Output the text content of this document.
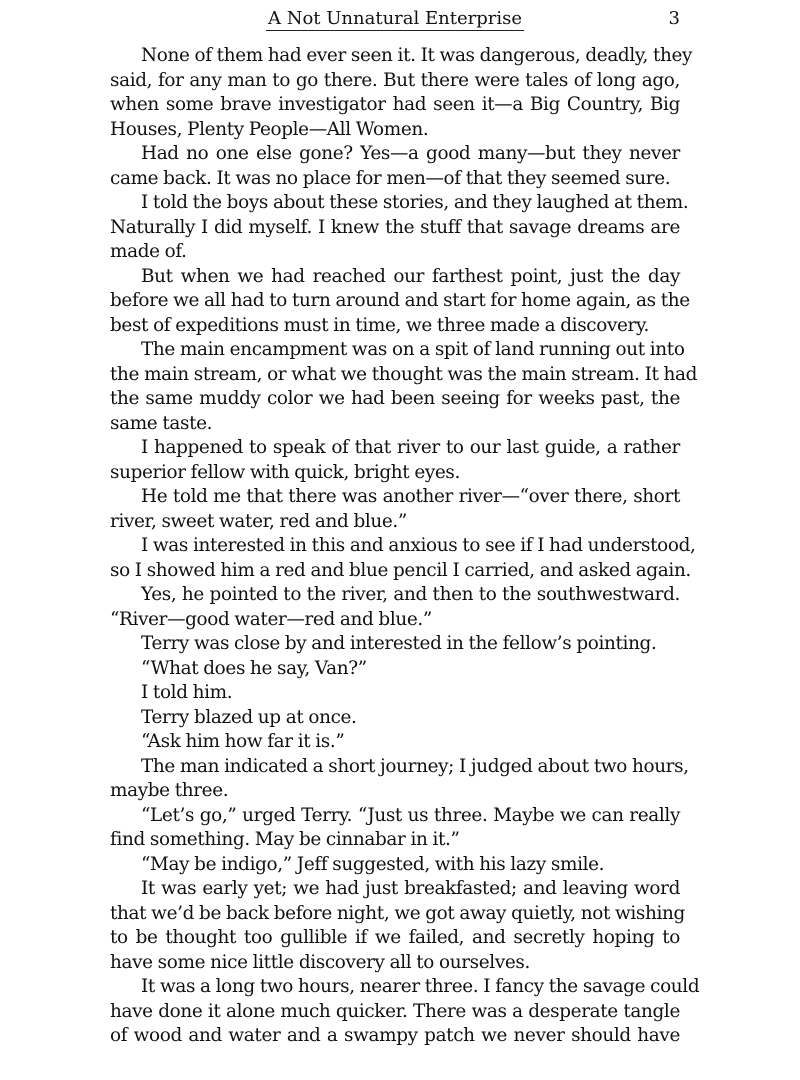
A Not Unnatural Enterprise	3
None of them had ever seen it. It was dangerous, deadly, they
said, for any man to go there. But there were tales of long ago,
when some brave investigator had seen it—a Big Country, Big
Houses, Plenty People—All Women.
Had no one else gone? Yes—a good many—but they never
came back. It was no place for men—of that they seemed sure.
I told the boys about these stories, and they laughed at them.
Naturally I did myself. I knew the stuff that savage dreams are
made of.
But when we had reached our farthest point, just the day
before we all had to turn around and start for home again, as the
best of expeditions must in time, we three made a discovery.
The main encampment was on a spit of land running out into
the main stream, or what we thought was the main stream. It had
the same muddy color we had been seeing for weeks past, the
same taste.
I happened to speak of that river to our last guide, a rather
superior fellow with quick, bright eyes.
He told me that there was another river—“over there, short
river, sweet water, red and blue.”
I was interested in this and anxious to see if I had understood,
so I showed him a red and blue pencil I carried, and asked again.
Yes, he pointed to the river, and then to the southwestward.
“River—good water—red and blue.”
Terry was close by and interested in the fellow’s pointing.
“What does he say, Van?”
I told him.
Terry blazed up at once.
“Ask him how far it is.”
The man indicated a short journey; I judged about two hours,
maybe three.
“Let’s go,” urged Terry. “Just us three. Maybe we can really
find something. May be cinnabar in it.”
“May be indigo,” Jeff suggested, with his lazy smile.
It was early yet; we had just breakfasted; and leaving word
that we’d be back before night, we got away quietly, not wishing
to be thought too gullible if we failed, and secretly hoping to
have some nice little discovery all to ourselves.
It was a long two hours, nearer three. I fancy the savage could
have done it alone much quicker. There was a desperate tangle
of wood and water and a swampy patch we never should have
